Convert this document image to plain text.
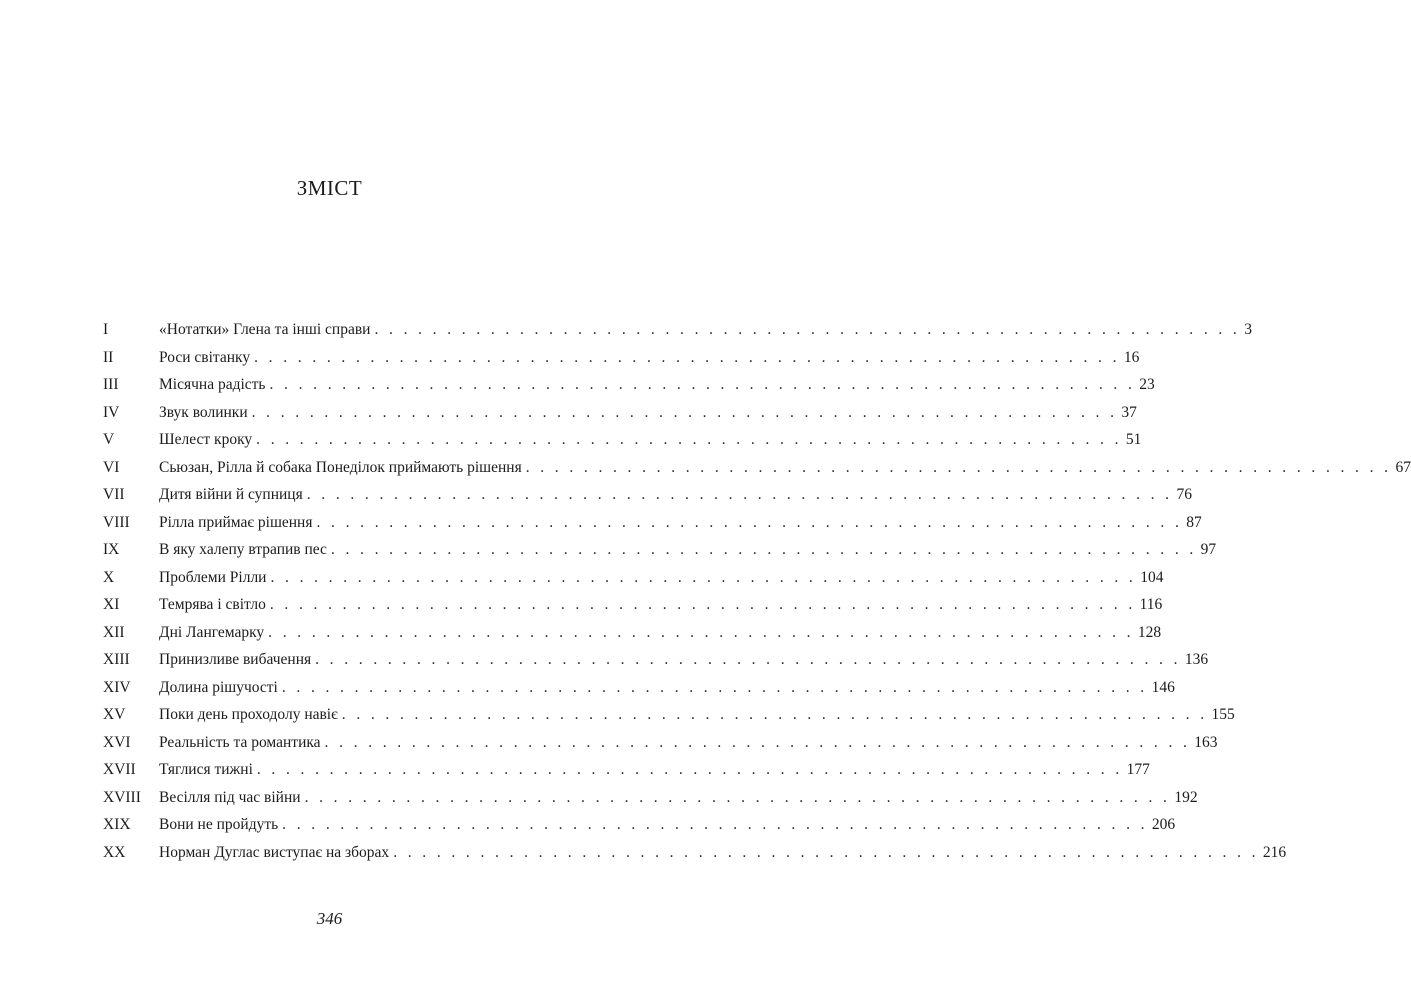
ЗМІСТ
I	«Нотатки» Глена та інші справи . . . . . . . . . . . . . . . . . . . . . . . . . . . . . . . . . . . . . . . . . . . . . . . . . . . . . . . . . . . . 3
II	Роси світанку . . . . . . . . . . . . . . . . . . . . . . . . . . . . . . . . . . . . . . . . . . . . . . . . . . . . . . . . . . . . 16
III	Місячна радість . . . . . . . . . . . . . . . . . . . . . . . . . . . . . . . . . . . . . . . . . . . . . . . . . . . . . . . . . . . . 23
IV	Звук волинки . . . . . . . . . . . . . . . . . . . . . . . . . . . . . . . . . . . . . . . . . . . . . . . . . . . . . . . . . . . . 37
V	Шелест кроку . . . . . . . . . . . . . . . . . . . . . . . . . . . . . . . . . . . . . . . . . . . . . . . . . . . . . . . . . . . . 51
VI	Сьюзан, Рілла й собака Понеділок приймають рішення . . . . . . . . . . . . . . . . . . . . . . . . . . . . . . . . . . . . . . . . . . . . . . . . . . . . . . . . . . . . 67
VII	Дитя війни й супниця . . . . . . . . . . . . . . . . . . . . . . . . . . . . . . . . . . . . . . . . . . . . . . . . . . . . . . . . . . . . 76
VIII	Рілла приймає рішення . . . . . . . . . . . . . . . . . . . . . . . . . . . . . . . . . . . . . . . . . . . . . . . . . . . . . . . . . . . . 87
IX	В яку халепу втрапив пес . . . . . . . . . . . . . . . . . . . . . . . . . . . . . . . . . . . . . . . . . . . . . . . . . . . . . . . . . . . . 97
X	Проблеми Рілли . . . . . . . . . . . . . . . . . . . . . . . . . . . . . . . . . . . . . . . . . . . . . . . . . . . . . . . . . . . . 104
XI	Темрява і світло . . . . . . . . . . . . . . . . . . . . . . . . . . . . . . . . . . . . . . . . . . . . . . . . . . . . . . . . . . . . 116
XII	Дні Лангемарку . . . . . . . . . . . . . . . . . . . . . . . . . . . . . . . . . . . . . . . . . . . . . . . . . . . . . . . . . . . . 128
XIII	Принизливе вибачення . . . . . . . . . . . . . . . . . . . . . . . . . . . . . . . . . . . . . . . . . . . . . . . . . . . . . . . . . . . . 136
XIV	Долина рішучості . . . . . . . . . . . . . . . . . . . . . . . . . . . . . . . . . . . . . . . . . . . . . . . . . . . . . . . . . . . . 146
XV	Поки день проходолу навіє . . . . . . . . . . . . . . . . . . . . . . . . . . . . . . . . . . . . . . . . . . . . . . . . . . . . . . . . . . . . 155
XVI	Реальність та романтика . . . . . . . . . . . . . . . . . . . . . . . . . . . . . . . . . . . . . . . . . . . . . . . . . . . . . . . . . . . . 163
XVII	Тяглися тижні . . . . . . . . . . . . . . . . . . . . . . . . . . . . . . . . . . . . . . . . . . . . . . . . . . . . . . . . . . . . 177
XVIII	Весілля під час війни . . . . . . . . . . . . . . . . . . . . . . . . . . . . . . . . . . . . . . . . . . . . . . . . . . . . . . . . . . . . 192
XIX	Вони не пройдуть . . . . . . . . . . . . . . . . . . . . . . . . . . . . . . . . . . . . . . . . . . . . . . . . . . . . . . . . . . . . 206
XX	Норман Дуглас виступає на зборах . . . . . . . . . . . . . . . . . . . . . . . . . . . . . . . . . . . . . . . . . . . . . . . . . . . . . . . . . . . . 216
346
